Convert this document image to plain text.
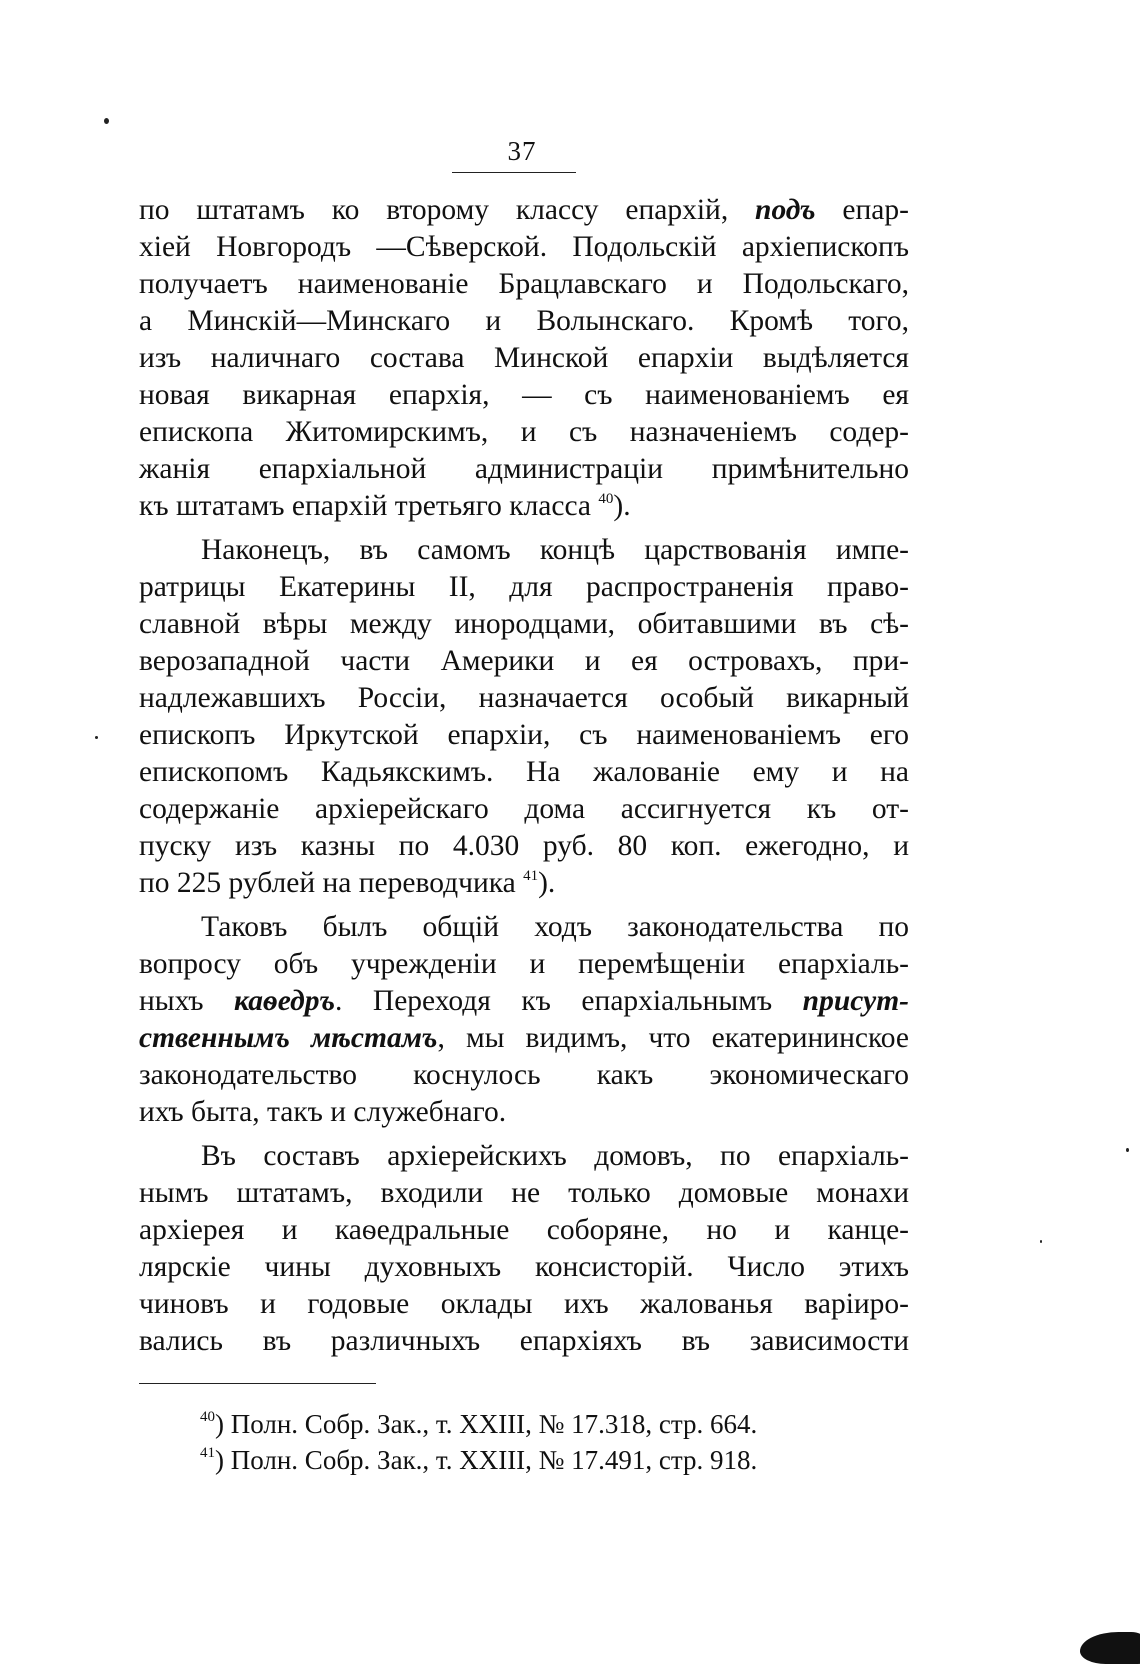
37
по штатамъ ко второму классу епархій, подъ епар-
хіей Новгородъ —Сѣверской. Подольскій архіепископъ
получаетъ наименованіе Брацлавскаго и Подольскаго,
а Минскій—Минскаго и Волынскаго. Кромѣ того,
изъ наличнаго состава Минской епархіи выдѣляется
новая викарная епархія, — съ наименованіемъ ея
епископа Житомирскимъ, и съ назначеніемъ содер-
жанія епархіальной администраціи примѣнительно
къ штатамъ епархій третьяго класса $^{40}$).
Наконецъ, въ самомъ концѣ царствованія импе-
ратрицы Екатерины II, для распространенія право-
славной вѣры между инородцами, обитавшими въ сѣ-
верозападной части Америки и ея островахъ, при-
надлежавшихъ Россіи, назначается особый викарный
епископъ Иркутской епархіи, съ наименованіемъ его
епископомъ Кадьякскимъ. На жалованіе ему и на
содержаніе архіерейскаго дома ассигнуется къ от-
пуску изъ казны по 4.030 руб. 80 коп. ежегодно, и
по 225 рублей на переводчика $^{41}$).
Таковъ былъ общій ходъ законодательства по
вопросу объ учрежденіи и перемѣщеніи епархіаль-
ныхъ каѳедръ. Переходя къ епархіальнымъ присут-
ственнымъ мѣстамъ, мы видимъ, что екатерининское
законодательство коснулось какъ экономическаго
ихъ быта, такъ и служебнаго.
Въ составъ архіерейскихъ домовъ, по епархіаль-
нымъ штатамъ, входили не только домовые монахи
архіерея и каѳедральные соборяне, но и канце-
лярскіе чины духовныхъ консисторій. Число этихъ
чиновъ и годовые оклады ихъ жалованья варіиро-
вались въ различныхъ епархіяхъ въ зависимости
$^{40}$) Полн. Собр. Зак., т. XXIII, № 17.318, стр. 664.
$^{41}$) Полн. Собр. Зак., т. XXIII, № 17.491, стр. 918.
